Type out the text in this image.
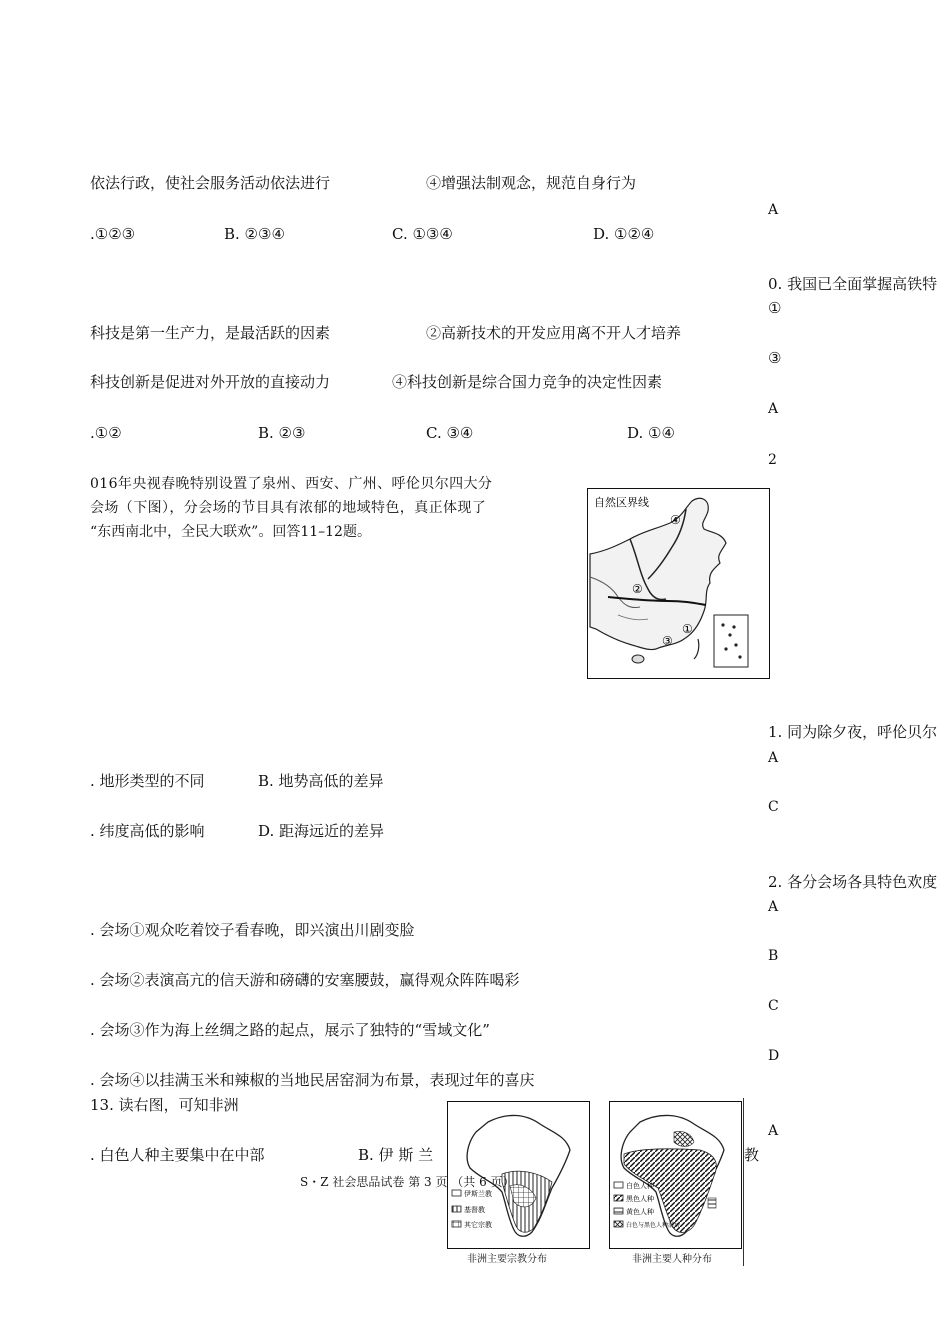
依法行政，使社会服务活动依法进行	④增强法制观念，规范自身行为
.①②③	B. ②③④	C. ①③④	D. ①②④
科技是第一生产力，是最活跃的因素	②高新技术的开发应用离不开人才培养
科技创新是促进对外开放的直接动力	④科技创新是综合国力竞争的决定性因素
.①②	B. ②③	C. ③④	D. ①④
016年央视春晚特别设置了泉州、西安、广州、呼伦贝尔四大分
会场（下图），分会场的节目具有浓郁的地域特色，真正体现了
“东西南北中，全民大联欢”。回答11–12题。
. 地形类型的不同	B. 地势高低的差异
. 纬度高低的影响	D. 距海远近的差异
. 会场①观众吃着饺子看春晚，即兴演出川剧变脸
. 会场②表演高亢的信天游和磅礴的安塞腰鼓，赢得观众阵阵喝彩
. 会场③作为海上丝绸之路的起点，展示了独特的“雪域文化”
. 会场④以挂满玉米和辣椒的当地民居窑洞为布景，表现过年的喜庆
13. 读右图，可知非洲
. 白色人种主要集中在中部	B. 伊 斯 兰	教
A
0. 我国已全面掌握高铁特
①
③
A
2
1. 同为除夕夜，呼伦贝尔
A
C
2. 各分会场各具特色欢度
A
B
C
D
A
自然区界线
④
②
①
③
伊斯兰教
基督教
其它宗教
非洲主要宗教分布
白色人种
黑色人种
黄色人种
白色与黑色人种混居
非洲主要人种分布
S・Z 社会思品试卷 第 3 页 （共 6 页）
